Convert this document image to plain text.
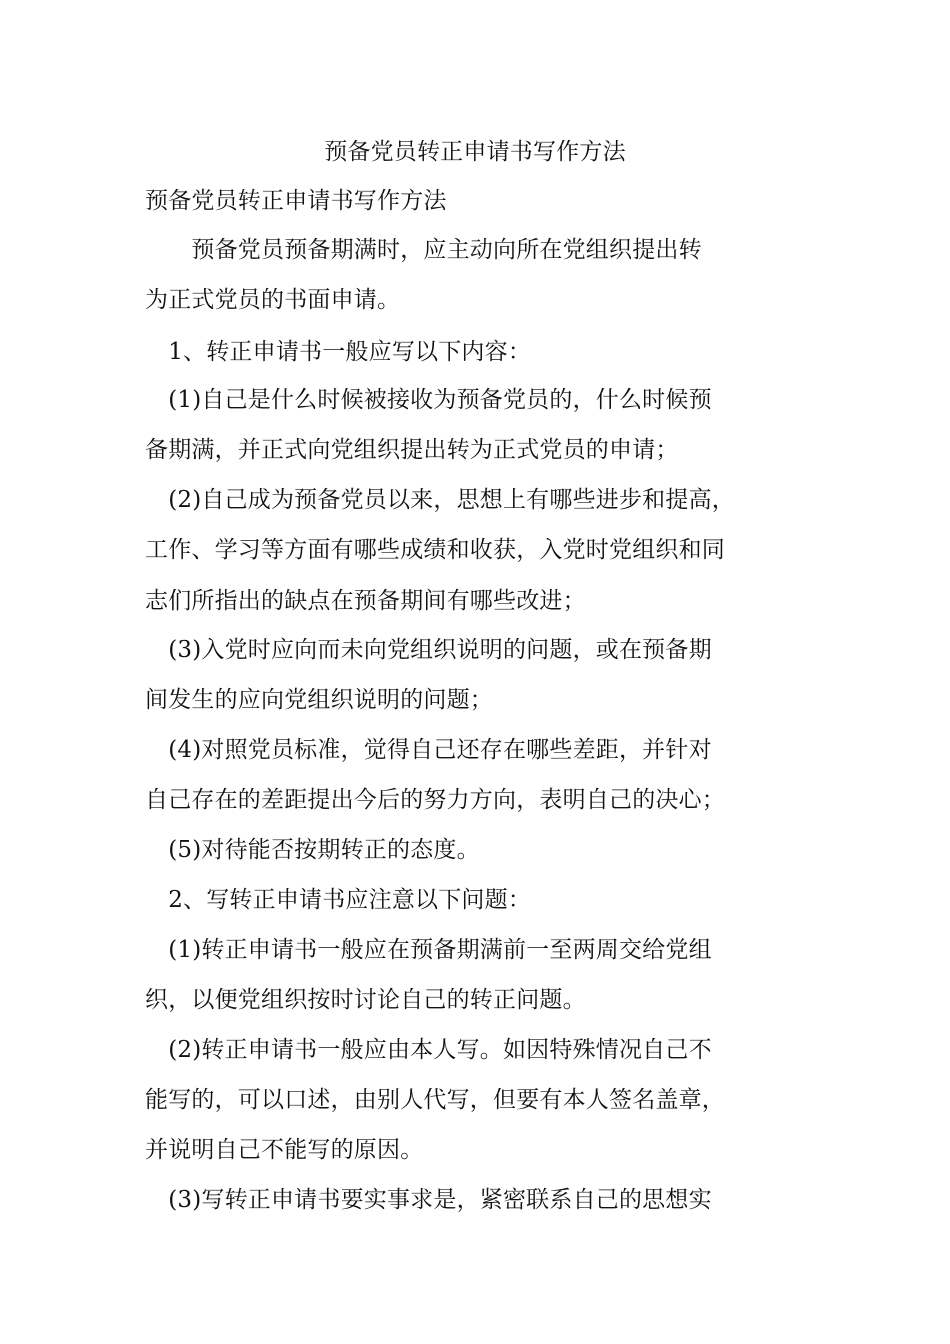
预备党员转正申请书写作方法
预备党员转正申请书写作方法
　　预备党员预备期满时，应主动向所在党组织提出转
为正式党员的书面申请。
　1、转正申请书一般应写以下内容：
　(1)自己是什么时候被接收为预备党员的，什么时候预
备期满，并正式向党组织提出转为正式党员的申请；
　(2)自己成为预备党员以来，思想上有哪些进步和提高，
工作、学习等方面有哪些成绩和收获，入党时党组织和同
志们所指出的缺点在预备期间有哪些改进；
　(3)入党时应向而未向党组织说明的问题，或在预备期
间发生的应向党组织说明的问题；
　(4)对照党员标准，觉得自己还存在哪些差距，并针对
自己存在的差距提出今后的努力方向，表明自己的决心；
　(5)对待能否按期转正的态度。
　2、写转正申请书应注意以下问题：
　(1)转正申请书一般应在预备期满前一至两周交给党组
织，以便党组织按时讨论自己的转正问题。
　(2)转正申请书一般应由本人写。如因特殊情况自己不
能写的，可以口述，由别人代写，但要有本人签名盖章，
并说明自己不能写的原因。
　(3)写转正申请书要实事求是，紧密联系自己的思想实
